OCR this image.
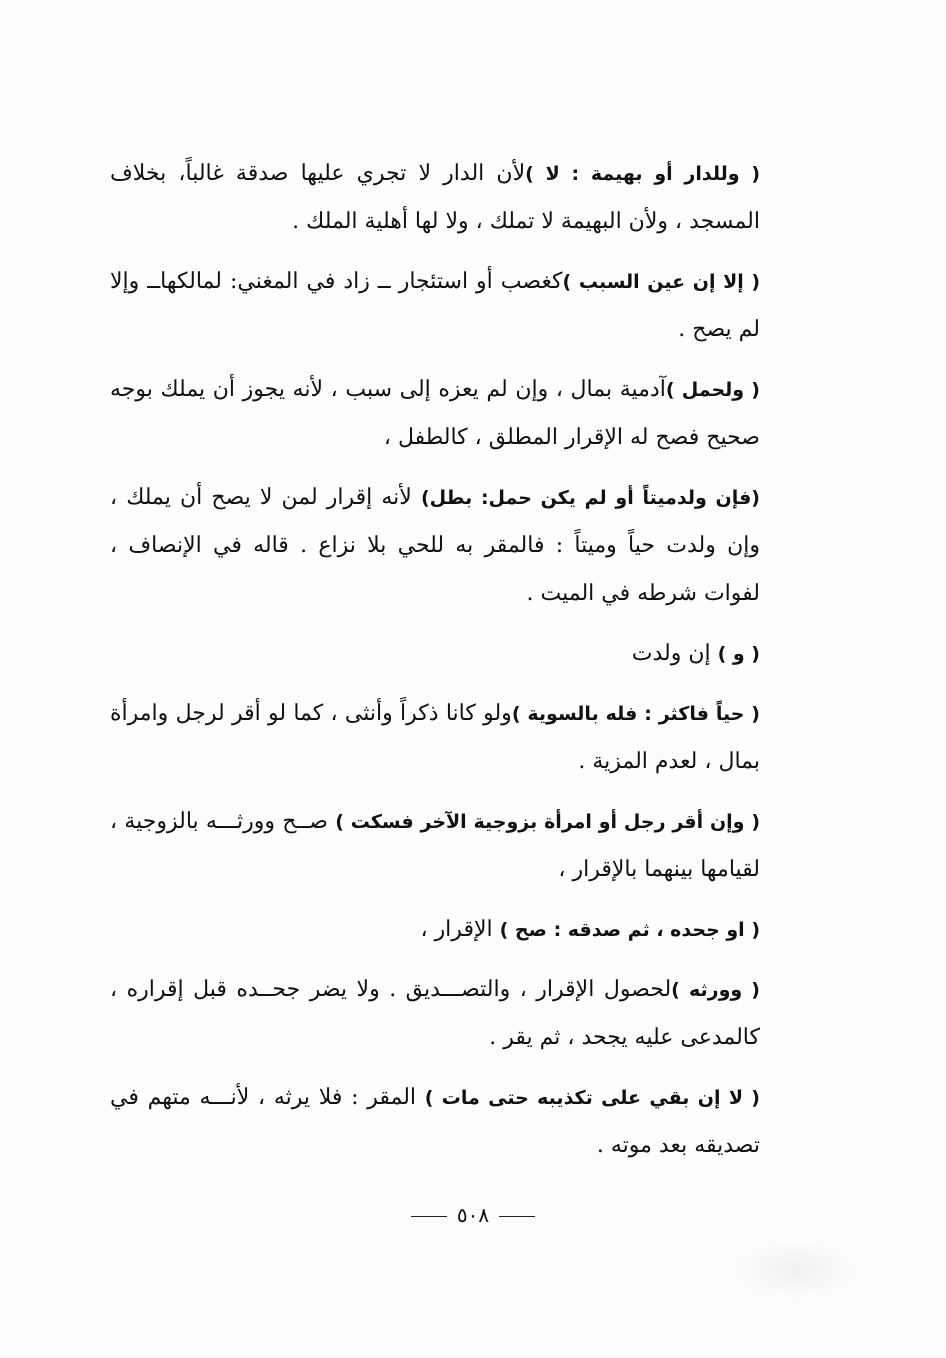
( وللدار أو بهيمة : لا )لأن الدار لا تجري عليها صدقة غالباً، بخلاف المسجد ، ولأن البهيمة لا تملك ، ولا لها أهلية الملك .

( إلا إن عين السبب )كغصب أو استئجار ــ زاد في المغني: لمالكهاــ وإلا لم يصح .

( ولحمل )آدمية بمال ، وإن لم يعزه إلى سبب ، لأنه يجوز أن يملك بوجه صحيح فصح له الإقرار المطلق ، كالطفل ،

(فإن ولدميتاً أو لم يكن حمل: بطل) لأنه إقرار لمن لا يصح أن يملك ، وإن ولدت حياً وميتاً : فالمقر به للحي بلا نزاع . قاله في الإنصاف ، لفوات شرطه في الميت .

( و ) إن ولدت

( حياً فاكثر : فله بالسوية )ولو كانا ذكراً وأنثى ، كما لو أقر لرجل وامرأة بمال ، لعدم المزية .

( وإن أقر رجل أو امرأة بزوجية الآخر فسكت ) صــح وورثـــه بالزوجية ، لقيامها بينهما بالإقرار ،

( او جحده ، ثم صدقه : صح ) الإقرار ،

( وورثه )لحصول الإقرار ، والتصـــديق . ولا يضر جحــده قبل إقراره ، كالمدعى عليه يجحد ، ثم يقر .

( لا إن بقي على تكذيبه حتى مات ) المقر : فلا يرثه ، لأنـــه متهم في تصديقه بعد موته .

٥٠٨
